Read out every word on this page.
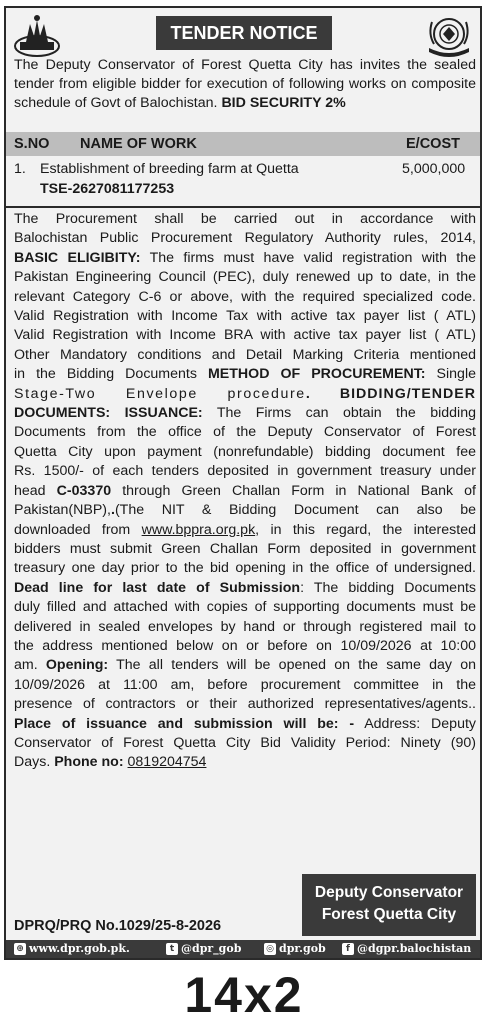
TENDER NOTICE
The Deputy Conservator of Forest Quetta City has invites the sealed tender from eligible bidder for execution of following works on composite schedule of Govt of Balochistan. BID SECURITY 2%
S.NO NAME OF WORK	E/COST
1. Establishment of breeding farm at Quetta	5,000,000
TSE-2627081177253

The Procurement shall be carried out in accordance with

Balochistan Public Procurement Regulatory Authority rules, 2014,

BASIC ELIGIBITY: The firms must have valid registration with the

Pakistan Engineering Council (PEC), duly renewed up to date, in the

relevant Category C-6 or above, with the required specialized code.

Valid Registration with Income Tax with active tax payer list ( ATL)

Valid Registration with Income BRA with active tax payer list ( ATL)

Other Mandatory conditions and Detail Marking Criteria mentioned

in the Bidding Documents METHOD OF PROCUREMENT: Single

Stage-Two Envelope procedure. BIDDING/TENDER

DOCUMENTS: ISSUANCE: The Firms can obtain the bidding

Documents from the office of the Deputy Conservator of Forest

Quetta City upon payment (nonrefundable) bidding document fee

Rs. 1500/- of each tenders deposited in government treasury under

head C-03370 through Green Challan Form in National Bank of

Pakistan(NBP),.(The NIT & Bidding Document can also be

downloaded from www.bppra.org.pk, in this regard, the interested

bidders must submit Green Challan Form deposited in government

treasury one day prior to the bid opening in the office of undersigned.

Dead line for last date of Submission: The bidding Documents

duly filled and attached with copies of supporting documents must be

delivered in sealed envelopes by hand or through registered mail to

the address mentioned below on or before on 10/09/2026 at 10:00

am. Opening: The all tenders will be opened on the same day on

10/09/2026 at 11:00 am, before procurement committee in the

presence of contractors or their authorized representatives/agents..

Place of issuance and submission will be: - Address: Deputy

Conservator of Forest Quetta City Bid Validity Period: Ninety (90)

Days. Phone no: 0819204754

Deputy Conservator
Forest Quetta City
DPRQ/PRQ No.1029/25-8-2026
⊕ www.dpr.gob.pk.	t @dpr_gob	◎ dpr.gob	f @dgpr.balochistan
14x2
